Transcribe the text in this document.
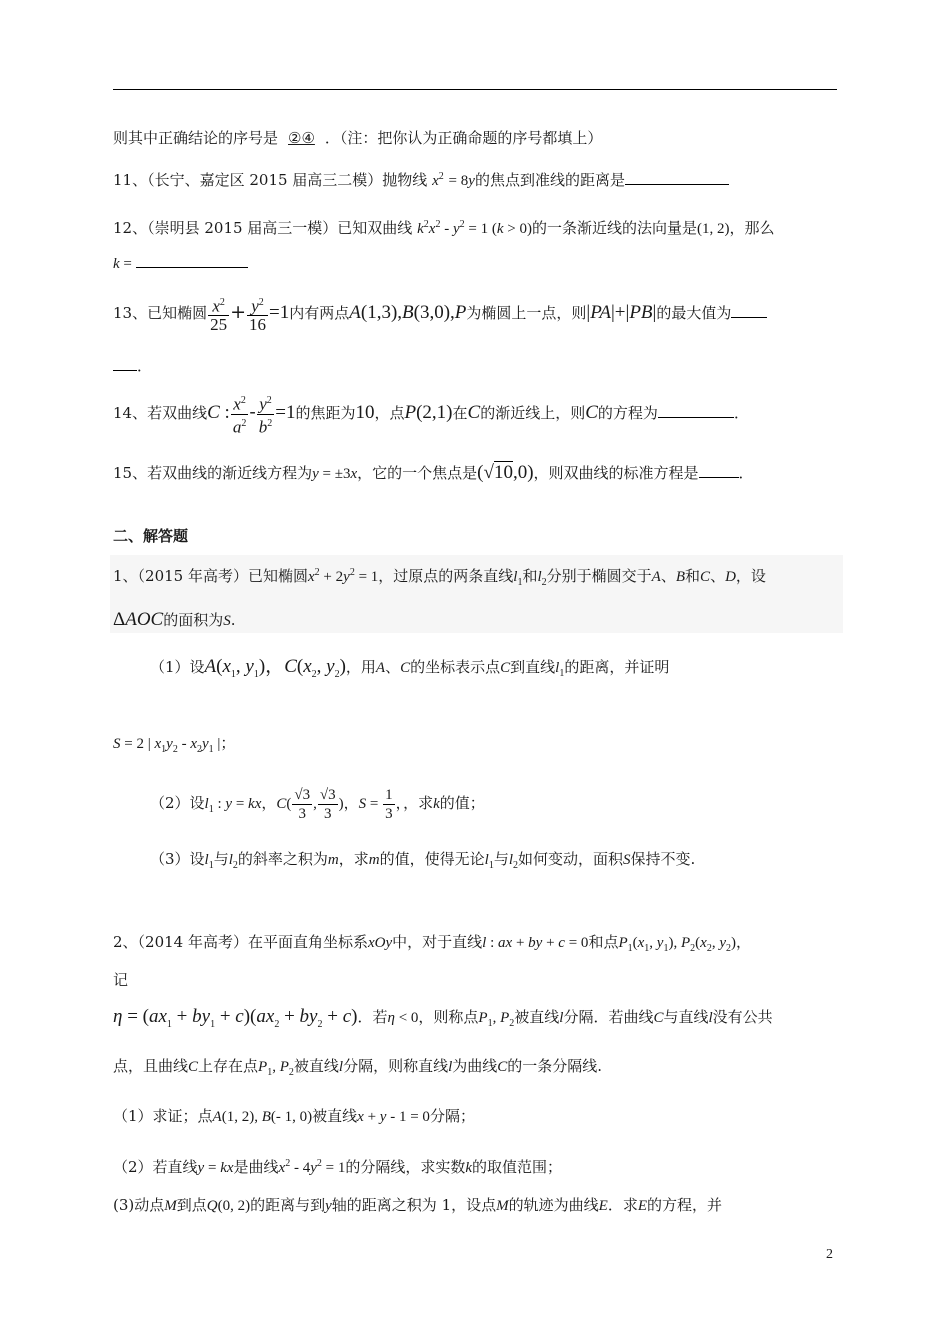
则其中正确结论的序号是 ②④ ．（注：把你认为正确命题的序号都填上）
11、（长宁、嘉定区 2015 届高三二模）抛物线 $x^2 = 8y$的焦点到准线的距离是
12、（崇明县 2015 届高三一模）已知双曲线 $k^2x^2 - y^2 = 1$ (k > 0)的一条渐近线的法向量是(1, 2)，那么
k =
13、已知椭圆 $\frac{x^2}{25} + \frac{y^2}{16} =1$内有两点A(1,3),B(3,0),P为椭圆上一点，则|PA|+|PB|的最大值为
．
14、若双曲线C : $\frac{x^2}{a^2} - \frac{y^2}{b^2} =1$的焦距为10，点P(2,1)在C的渐近线上，则C的方程为	．
15、若双曲线的渐近线方程为y = ±3x，它的一个焦点是(√10,0)，则双曲线的标准方程是	．
二、解答题
1、（2015 年高考）已知椭圆$x^2 + 2y^2 = 1$，过原点的两条直线$l_1$和$l_2$分别于椭圆交于A、B和C、D，设
ΔAOC的面积为S.
（1）设$A(x_1$, $y_1$)，$C(x_2$, $y_2$)，用A、C的坐标表示点C到直线$l_1$的距离，并证明
S = 2 | $x_1y_2 - x_2y_1$ |；
（2）设$l_1$ : y = kx，$C( \frac{√3}{3}$ , $\frac{√3}{3}$ )，$S = \frac{1}{3}$ ，，求k的值；
（3）设$l_1$与$l_2$的斜率之积为m，求m的值，使得无论$l_1$与$l_2$如何变动，面积S保持不变.
2、（2014 年高考）在平面直角坐标系xOy中，对于直线l : ax + by + c = 0和点$P_1(x_1$, $y_1$), $P_2(x_2$, $y_2$)，
记
$\eta = (ax_1 + by_1 + c)(ax_2 + by_2 + c)$．若η < 0，则称点$P_1$, $P_2$被直线l分隔．若曲线C与直线l没有公共
点，且曲线C上存在点$P_1$, $P_2$被直线l分隔，则称直线l为曲线C的一条分隔线.
（1）求证；点A(1, 2), B(- 1, 0)被直线x + y - 1 = 0分隔；
（2）若直线y = kx是曲线$x^2 - 4y^2 = 1$的分隔线，求实数k的取值范围；
(3)动点M到点Q(0, 2)的距离与到y轴的距离之积为 1，设点M的轨迹为曲线E．求E的方程，并
2
